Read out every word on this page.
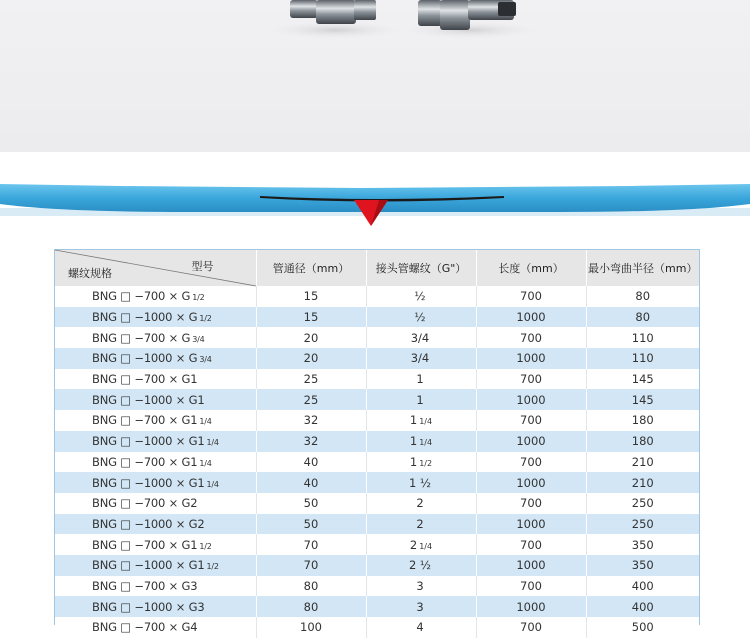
型号
螺纹规格	管通径（mm）	接头管螺纹（G"）	长度（mm）	最小弯曲半径（mm）
BNG □ −700 × G 1/2	15	½	700	80
BNG □ −1000 × G 1/2	15	½	1000	80
BNG □ −700 × G 3/4	20	3/4	700	110
BNG □ −1000 × G 3/4	20	3/4	1000	110
BNG □ −700 × G1	25	1	700	145
BNG □ −1000 × G1	25	1	1000	145
BNG □ −700 × G1 1/4	32	1 1/4	700	180
BNG □ −1000 × G1 1/4	32	1 1/4	1000	180
BNG □ −700 × G1 1/4	40	1 1/2	700	210
BNG □ −1000 × G1 1/4	40	1 ½	1000	210
BNG □ −700 × G2	50	2	700	250
BNG □ −1000 × G2	50	2	1000	250
BNG □ −700 × G1 1/2	70	2 1/4	700	350
BNG □ −1000 × G1 1/2	70	2 ½	1000	350
BNG □ −700 × G3	80	3	700	400
BNG □ −1000 × G3	80	3	1000	400
BNG □ −700 × G4	100	4	700	500
